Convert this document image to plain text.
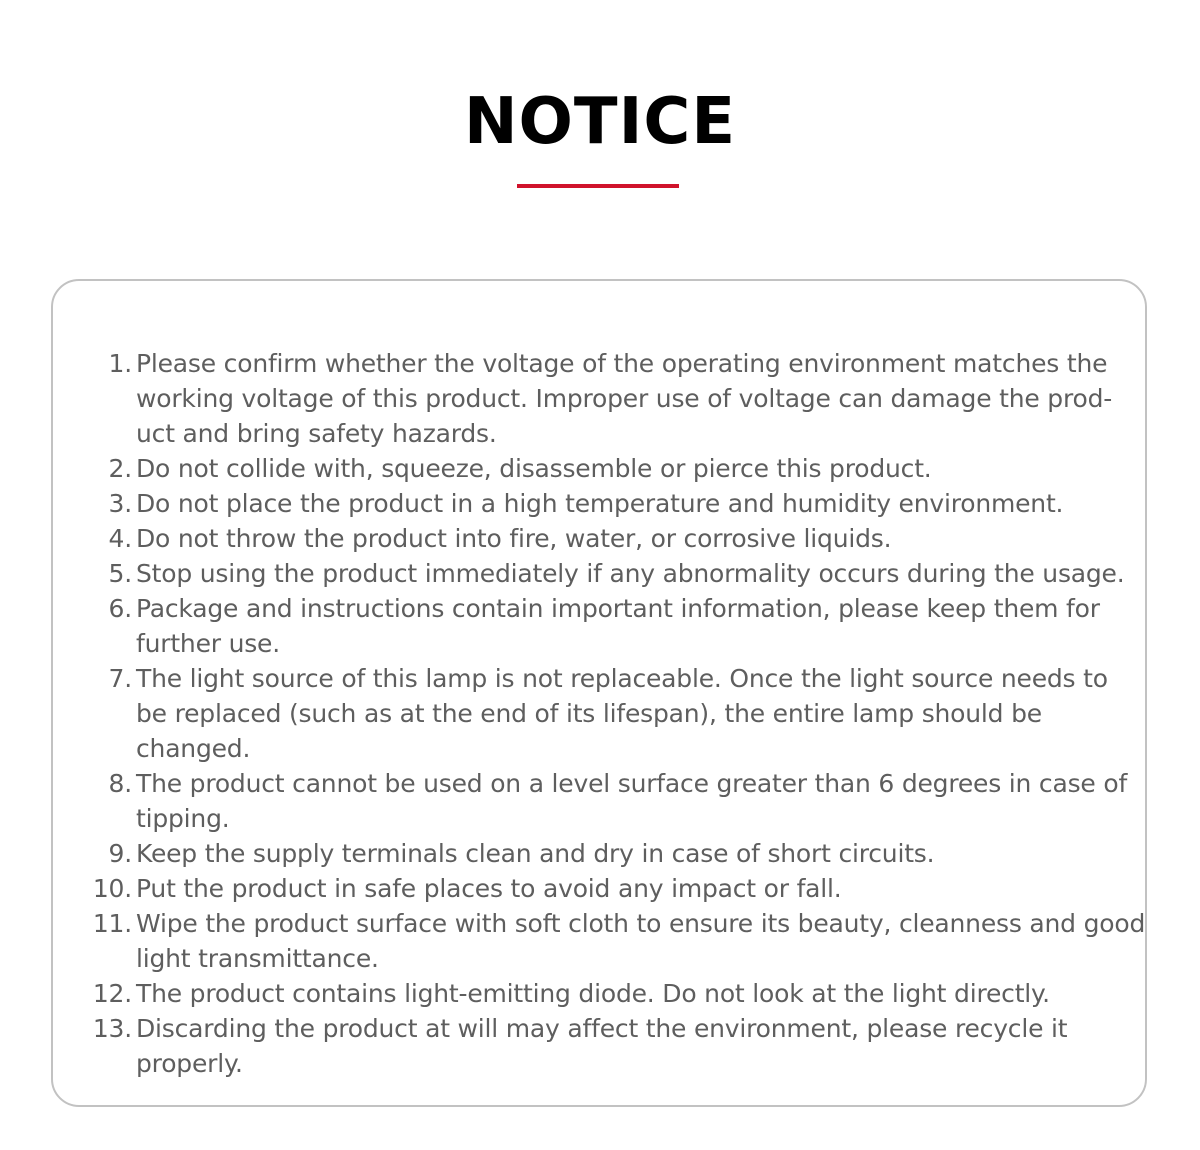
NOTICE
1. Please confirm whether the voltage of the operating environment matches the working voltage of this product. Improper use of voltage can damage the prod-uct and bring safety hazards.
2. Do not collide with, squeeze, disassemble or pierce this product.
3. Do not place the product in a high temperature and humidity environment.
4. Do not throw the product into fire, water, or corrosive liquids.
5. Stop using the product immediately if any abnormality occurs during the usage.
6. Package and instructions contain important information, please keep them for further use.
7. The light source of this lamp is not replaceable. Once the light source needs to be replaced (such as at the end of its lifespan), the entire lamp should be changed.
8. The product cannot be used on a level surface greater than 6 degrees in case of tipping.
9. Keep the supply terminals clean and dry in case of short circuits.
10. Put the product in safe places to avoid any impact or fall.
11. Wipe the product surface with soft cloth to ensure its beauty, cleanness and good light transmittance.
12. The product contains light-emitting diode. Do not look at the light directly.
13. Discarding the product at will may affect the environment, please recycle it properly.
